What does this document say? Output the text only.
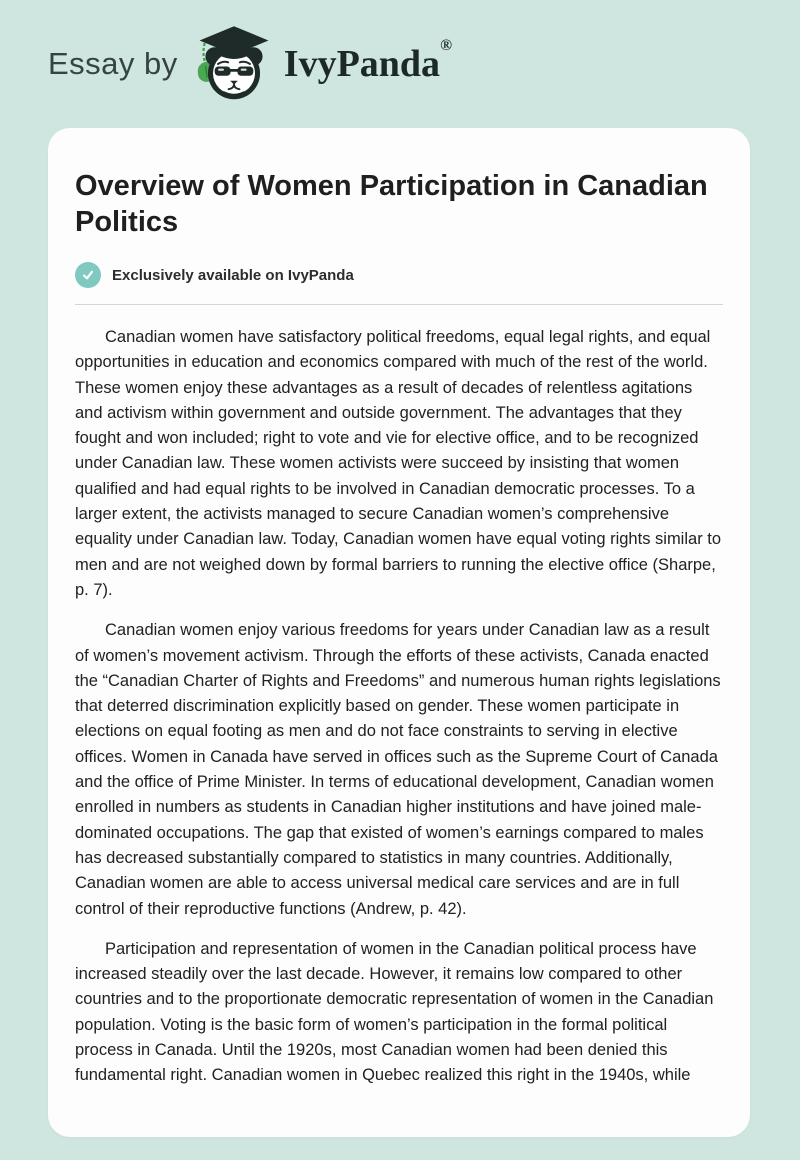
Essay by	IvyPanda®
Overview of Women Participation in Canadian Politics
Exclusively available on IvyPanda

Canadian women have satisfactory political freedoms, equal legal rights, and equal opportunities in education and economics compared with much of the rest of the world. These women enjoy these advantages as a result of decades of relentless agitations and activism within government and outside government. The advantages that they fought and won included; right to vote and vie for elective office, and to be recognized under Canadian law. These women activists were succeed by insisting that women qualified and had equal rights to be involved in Canadian democratic processes. To a larger extent, the activists managed to secure Canadian women’s comprehensive equality under Canadian law. Today, Canadian women have equal voting rights similar to men and are not weighed down by formal barriers to running the elective office (Sharpe, p. 7).

Canadian women enjoy various freedoms for years under Canadian law as a result of women’s movement activism. Through the efforts of these activists, Canada enacted the “Canadian Charter of Rights and Freedoms” and numerous human rights legislations that deterred discrimination explicitly based on gender. These women participate in elections on equal footing as men and do not face constraints to serving in elective offices. Women in Canada have served in offices such as the Supreme Court of Canada and the office of Prime Minister. In terms of educational development, Canadian women enrolled in numbers as students in Canadian higher institutions and have joined male-dominated occupations. The gap that existed of women’s earnings compared to males has decreased substantially compared to statistics in many countries. Additionally, Canadian women are able to access universal medical care services and are in full control of their reproductive functions (Andrew, p. 42).

Participation and representation of women in the Canadian political process have increased steadily over the last decade. However, it remains low compared to other countries and to the proportionate democratic representation of women in the Canadian population. Voting is the basic form of women’s participation in the formal political process in Canada. Until the 1920s, most Canadian women had been denied this fundamental right. Canadian women in Quebec realized this right in the 1940s, while
